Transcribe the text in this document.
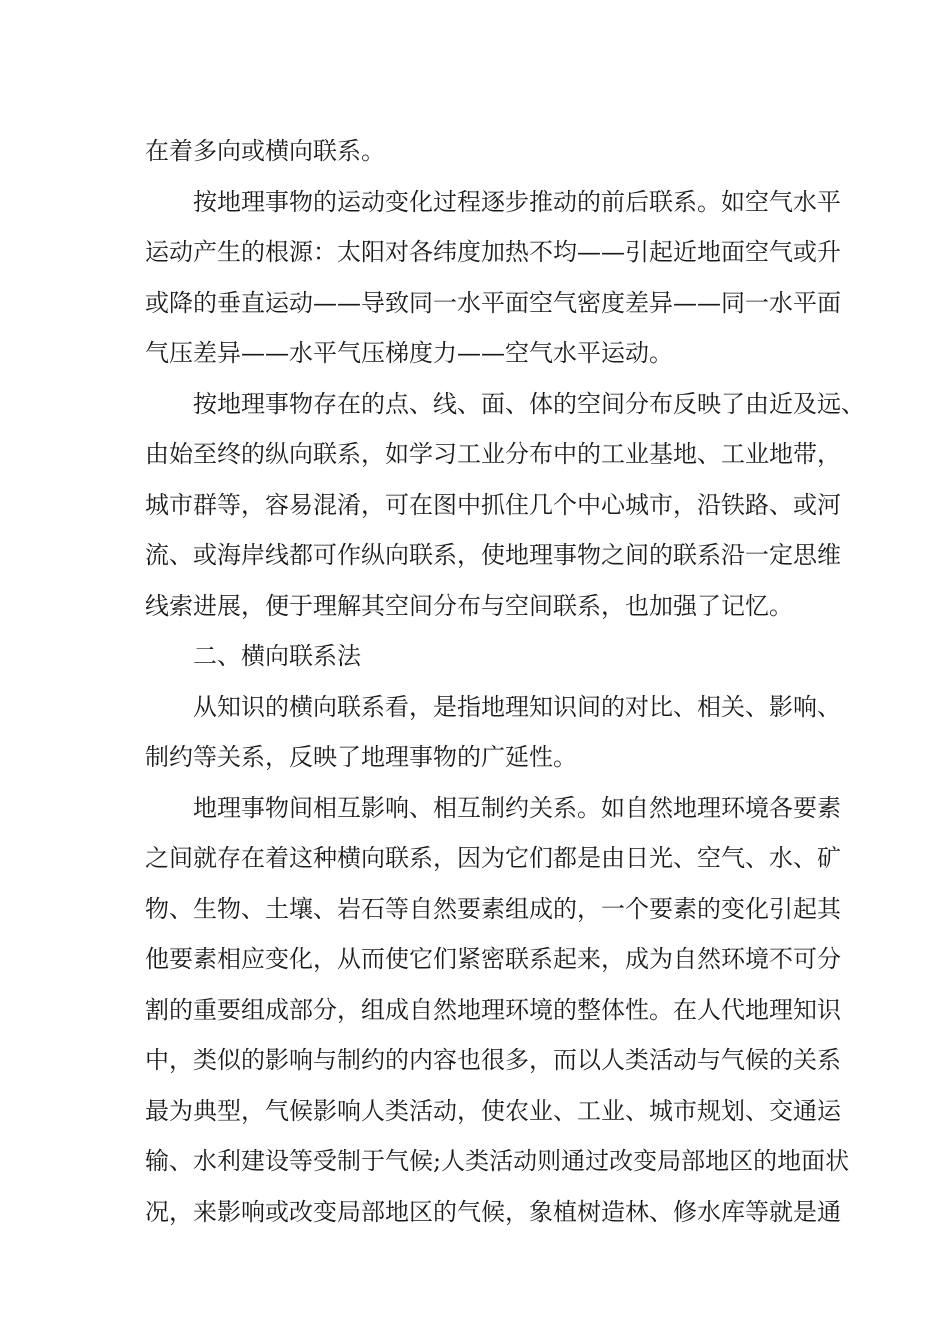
在着多向或横向联系。
按地理事物的运动变化过程逐步推动的前后联系。如空气水平
运动产生的根源：太阳对各纬度加热不均——引起近地面空气或升
或降的垂直运动——导致同一水平面空气密度差异——同一水平面
气压差异——水平气压梯度力——空气水平运动。
按地理事物存在的点、线、面、体的空间分布反映了由近及远、
由始至终的纵向联系，如学习工业分布中的工业基地、工业地带，
城市群等，容易混淆，可在图中抓住几个中心城市，沿铁路、或河
流、或海岸线都可作纵向联系，使地理事物之间的联系沿一定思维
线索进展，便于理解其空间分布与空间联系，也加强了记忆。
二、横向联系法
从知识的横向联系看，是指地理知识间的对比、相关、影响、
制约等关系，反映了地理事物的广延性。
地理事物间相互影响、相互制约关系。如自然地理环境各要素
之间就存在着这种横向联系，因为它们都是由日光、空气、水、矿
物、生物、土壤、岩石等自然要素组成的，一个要素的变化引起其
他要素相应变化，从而使它们紧密联系起来，成为自然环境不可分
割的重要组成部分，组成自然地理环境的整体性。在人代地理知识
中，类似的影响与制约的内容也很多，而以人类活动与气候的关系
最为典型，气候影响人类活动，使农业、工业、城市规划、交通运
输、水利建设等受制于气候;人类活动则通过改变局部地区的地面状
况，来影响或改变局部地区的气候，象植树造林、修水库等就是通
